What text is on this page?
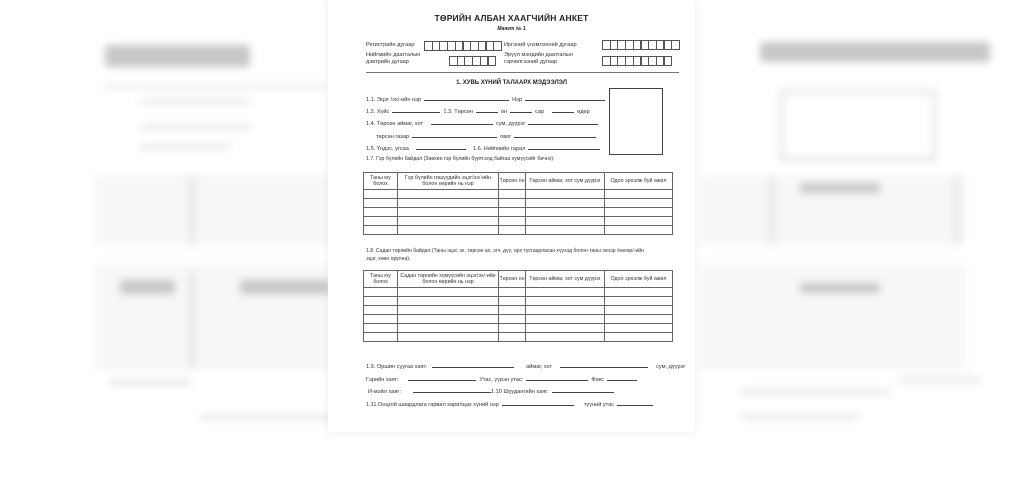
ТӨРИЙН АЛБАН ХААГЧИЙН АНКЕТ
Маягт № 1
Регистрийн дугаар	Иргэний үнэмлэхний дугаар
Нийгмийн даатгалын
дэвтрийн дугаар
Эрүүл мэндийн даатгалын
гэрчилгээний дугаар
1. ХУВЬ ХҮНИЙ ТАЛААРХ МЭДЭЭЛЭЛ
1.1. Эцэг /эх/-ийн нэр	Нэр
1.2. Хүйс	1.3. Төрсөн	он	сар	өдөр
1.4. Төрсөн аймаг, хот	сум, дүүрэг
төрсөн газар	овог
1.5. Үндэс, угсаа	1.6. Нийгмийн гарал
1.7. Гэр бүлийн байдал (Зөвхөн гэр бүлийн бүртгэлд байгаа хүмүүсийг бичнэ):
Таны юу болох	Гэр бүлийн гишүүдийн эцэг/эх/-ийн болон өөрийн нь нэр	Төрсөн он	Төрсөн аймаг, хот сум дүүрэг	Одоо эрхэлж буй ажил

1.8. Садан төрлийн байдал (Таны эцэг, эх, төрсөн ах, эгч, дүү, өрх тусгаарласан хүүхэд болон таны эхнэр /нөхөр/-ийн
эцэг, хөөн орулна):
Таны юу болох	Садан төрлийн хүмүүсийн эцэг/эх/-ийн болон өөрийн нь нэр	Төрсөн он	Төрсөн аймаг, хот сум дүүрэг	Одоо эрхэлж буй ажил

1.9. Оршин суугаа хаяг:	аймаг, хот	сум, дүүрэг
Гэрийн хаяг:	Утас, үүрэн утас:	Факс
И-мэйл хаяг:	1.10 Шуудангийн хаяг:
1.11.Онцгой шаардлага гарвал харилцах хүний нэр	түүний утас
